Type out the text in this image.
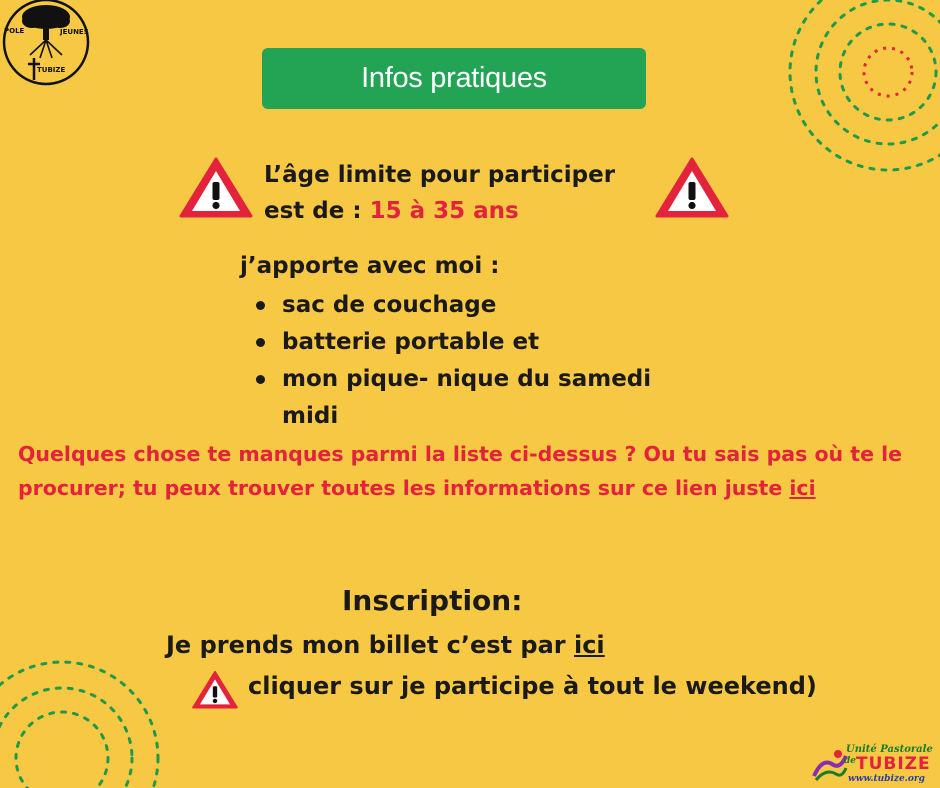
POLE	JEUNES
TUBIZE	Infos pratiques
L’âge limite pour participer
est de : 15 à 35 ans
j’apporte avec moi :
sac de couchage
batterie portable et
mon pique- nique du samedi midi
Quelques chose te manques parmi la liste ci-dessus ? Ou tu sais pas où te le procurer; tu peux trouver toutes les informations sur ce lien juste ici
Inscription:
Je prends mon billet c’est par ici
cliquer sur je participe à tout le weekend)
Unité Pastorale
de TUBIZE
www.tubize.org
